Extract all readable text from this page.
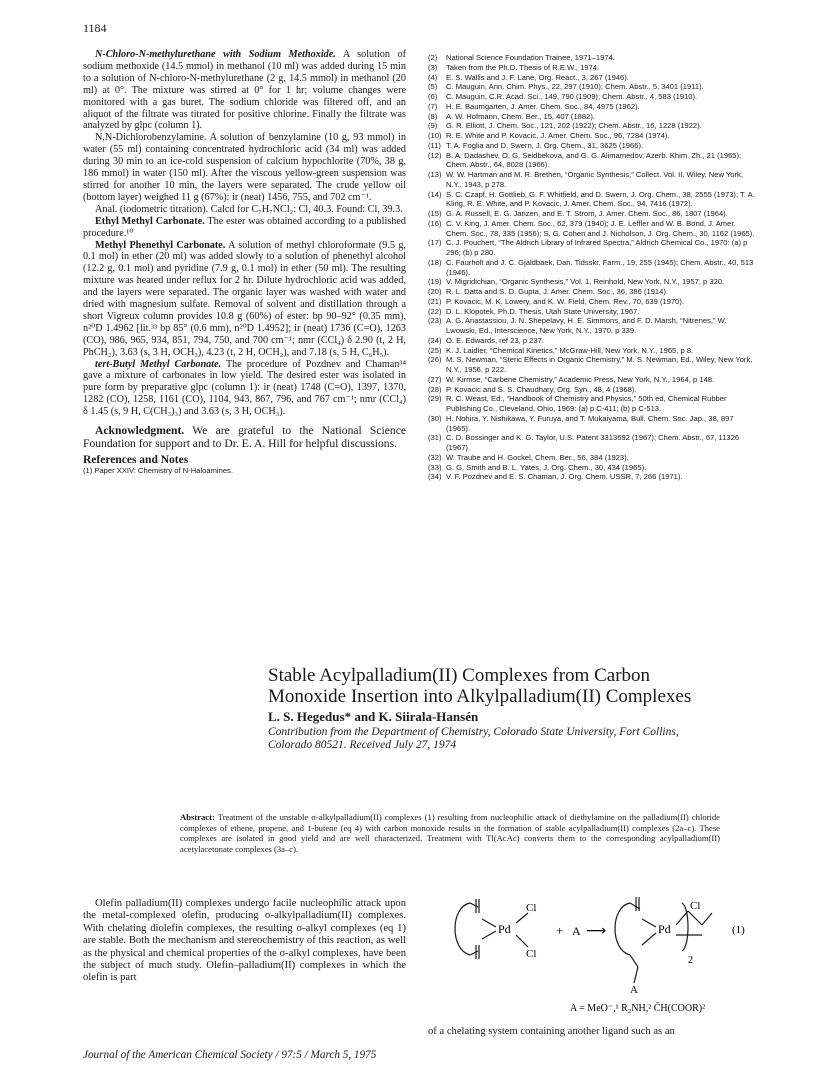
1184

N-Chloro-N-methylurethane with Sodium Methoxide. A solution of sodium methoxide (14.5 mmol) in methanol (10 ml) was added during 15 min to a solution of N-chloro-N-methylurethane (2 g, 14.5 mmol) in methanol (20 ml) at 0°. The mixture was stirred at 0° for 1 hr; volume changes were monitored with a gas buret. The sodium chloride was filtered off, and an aliquot of the filtrate was titrated for positive chlorine. Finally the filtrate was analyzed by glpc (column 1).

N,N-Dichlorobenzylamine. A solution of benzylamine (10 g, 93 mmol) in water (55 ml) containing concentrated hydrochloric acid (34 ml) was added during 30 min to an ice-cold suspension of calcium hypochlorite (70%, 38 g, 186 mmol) in water (150 ml). After the viscous yellow-green suspension was stirred for another 10 min, the layers were separated. The crude yellow oil (bottom layer) weighed 11 g (67%): ir (neat) 1456, 755, and 702 cm⁻¹.

Anal. (iodometric titration). Calcd for C₇H₇NCl₂: Cl, 40.3. Found: Cl, 39.3.

Ethyl Methyl Carbonate. The ester was obtained according to a published procedure.¹⁰

Methyl Phenethyl Carbonate. A solution of methyl chloroformate (9.5 g, 0.1 mol) in ether (20 ml) was added slowly to a solution of phenethyl alcohol (12.2 g, 0.1 mol) and pyridine (7.9 g, 0.1 mol) in ether (50 ml). The resulting mixture was heated under reflux for 2 hr. Dilute hydrochloric acid was added, and the layers were separated. The organic layer was washed with water and dried with magnesium sulfate. Removal of solvent and distillation through a short Vigreux column provides 10.8 g (60%) of ester: bp 90–92° (0.35 mm), n²⁰D 1.4962 [lit.³³ bp 85° (0.6 mm), n²⁰D 1.4952]; ir (neat) 1736 (C=O), 1263 (CO), 986, 965, 934, 851, 794, 750, and 700 cm⁻¹; nmr (CCl₄) δ 2.90 (t, 2 H, PhCH₂), 3.63 (s, 3 H, OCH₃), 4.23 (t, 2 H, OCH₂), and 7.18 (s, 5 H, C₆H₅).

tert-Butyl Methyl Carbonate. The procedure of Pozdnev and Chaman³⁴ gave a mixture of carbonates in low yield. The desired ester was isolated in pure form by preparative glpc (column 1): ir (neat) 1748 (C=O), 1397, 1370, 1282 (CO), 1258, 1161 (CO), 1104, 943, 867, 796, and 767 cm⁻¹; nmr (CCl₄) δ 1.45 (s, 9 H, C(CH₃)₃) and 3.63 (s, 3 H, OCH₃).

Acknowledgment. We are grateful to the National Science Foundation for support and to Dr. E. A. Hill for helpful discussions.

References and Notes

(1) Paper XXIV: Chemistry of N-Haloamines.

(2)	National Science Foundation Trainee, 1971–1974.
(3)	Taken from the Ph.D. Thesis of R.E.W., 1974.
(4)	E. S. Wallis and J. F. Lane, Org. React., 3, 267 (1946).
(5)	C. Mauguin, Ann. Chim. Phys., 22, 297 (1910); Chem. Abstr., 5, 3401 (1911).
(6)	C. Mauguin, C.R. Acad. Sci., 149, 790 (1909); Chem. Abstr., 4, 583 (1910).
(7)	H. E. Baumgarten, J. Amer. Chem. Soc., 84, 4975 (1962).
(8)	A. W. Hofmann, Chem. Ber., 15, 407 (1882).
(9)	G. R. Elliott, J. Chem. Soc., 121, 202 (1922); Chem. Abstr., 16, 1228 (1922).
(10) R. E. White and P. Kovacic, J. Amer. Chem. Soc., 96, 7284 (1974).
(11) T. A. Foglia and D. Swern, J. Org. Chem., 31, 3625 (1966).
(12) B. A. Dadashev, O. G. Seidbekova, and G. G. Alimamedov, Azerb. Khim. Zh., 21 (1965); Chem. Abstr., 64, 8028 (1966).
(13) W. W. Hartman and M. R. Brethen, “Organic Synthesis,” Collect. Vol. II, Wiley, New York, N.Y., 1943, p 278.
(14) S. C. Czapf, H. Gottlieb, G. F. Whitfield, and D. Swern, J. Org. Chem., 38, 2555 (1973); T. A. Kling, R. E. White, and P. Kovacic, J. Amer. Chem. Soc., 94, 7416 (1972).
(15) G. A. Russell, E. G. Janzen, and E. T. Strom, J. Amer. Chem. Soc., 86, 1807 (1964).
(16) C. V. King, J. Amer. Chem. Soc., 62, 379 (1940); J. E. Leffler and W. B. Bond, J. Amer. Chem. Soc., 78, 335 (1956); S. G. Cohen and J. Nicholson, J. Org. Chem., 30, 1162 (1965).
(17) C. J. Pouchert, “The Aldrich Library of Infrared Spectra,” Aldrich Chemical Co., 1970: (a) p 296; (b) p 280.
(18) C. Faurholt and J. C. Gjaldbaek, Dan. Tidsskr. Farm., 19, 255 (1945); Chem. Abstr., 40, 513 (1946).
(19) V. Migridichian, “Organic Synthesis,” Vol. 1, Reinhold, New York, N.Y., 1957, p 320.
(20) R. L. Datta and S. D. Gupta, J. Amer. Chem. Soc., 36, 386 (1914).
(21) P. Kovacic, M. K. Lowery, and K. W. Field, Chem. Rev., 70, 639 (1970).
(22) D. L. Klopotek, Ph.D. Thesis, Utah State University, 1967.
(23) A. G. Anastassiou, J. N. Shepelavy, H. E. Simmons, and F. D. Marsh, “Nitrenes,” W. Lwowski, Ed., Interscience, New York, N.Y., 1970, p 339.
(24) O. E. Edwards, ref 23, p 237.
(25) K. J. Laidler, “Chemical Kinetics,” McGraw-Hill, New York, N.Y., 1965, p 8.
(26) M. S. Newman, “Steric Effects in Organic Chemistry,” M. S. Newman, Ed., Wiley, New York, N.Y., 1956, p 222.
(27) W. Kirmse, “Carbene Chemistry,” Academic Press, New York, N.Y., 1964, p 148.
(28) P. Kovacic and S. S. Chaudhary, Org. Syn., 48, 4 (1968).
(29) R. C. Weast, Ed., “Handbook of Chemistry and Physics,” 50th ed, Chemical Rubber Publishing Co., Cleveland, Ohio, 1969: (a) p C-411; (b) p C-513.
(30) H. Nohira, Y. Nishikawa, Y. Furuya, and T. Mukaiyama, Bull. Chem. Soc. Jap., 38, 897 (1965).
(31) C. D. Bossinger and K. G. Taylor, U.S. Patent 3313692 (1967); Chem. Abstr., 67, 11326 (1967).
(32) W. Traube and H. Gockel, Chem. Ber., 56, 384 (1923).
(33) G. G. Smith and B. L. Yates, J. Org. Chem., 30, 434 (1965).
(34) V. F. Pozdnev and E. S. Chaman, J. Org. Chem. USSR, 7, 266 (1971).
Stable Acylpalladium(II) Complexes from Carbon
Monoxide Insertion into Alkylpalladium(II) Complexes
L. S. Hegedus* and K. Siirala-Hansén
Contribution from the Department of Chemistry, Colorado State University, Fort Collins,
Colorado 80521. Received July 27, 1974
Abstract: Treatment of the unstable σ-alkylpalladium(II) complexes (1) resulting from nucleophilic attack of diethylamine on the palladium(II) chloride complexes of ethene, propene, and 1-butene (eq 4) with carbon monoxide results in the formation of stable acylpalladium(II) complexes (2a–c). These complexes are isolated in good yield and are well characterized. Treatment with Tl(AcAc) converts them to the corresponding acylpalladium(II) acetylacetonate complexes (3a–c).
Olefin palladium(II) complexes undergo facile nucleophilic attack upon the metal-complexed olefin, producing σ-alkylpalladium(II) complexes. With chelating diolefin complexes, the resulting σ-alkyl complexes (eq 1) are stable. Both the mechanism and stereochemistry of this reaction, as well as the physical and chemical properties of the σ-alkyl complexes, have been the subject of much study. Olefin–palladium(II) complexes in which the olefin is part
Pd
Cl
Cl
+ A ⟶	Pd
Cl
2
A
(1)
A = MeO⁻,¹ R₂NH,² C̄H(COOR)²
of a chelating system containing another ligand such as an
Journal of the American Chemical Society / 97:5 / March 5, 1975
